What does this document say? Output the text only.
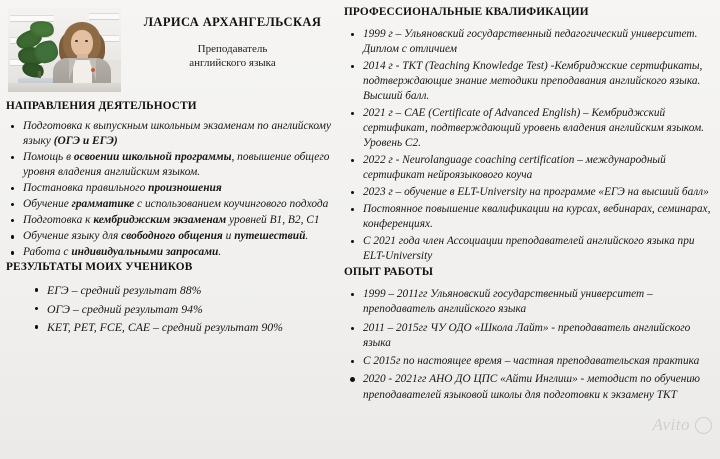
ЛАРИСА АРХАНГЕЛЬСКАЯ
Преподаватель
английского языка
НАПРАВЛЕНИЯ ДЕЯТЕЛЬНОСТИ
Подготовка к выпускным школьным экзаменам по английскому языку (ОГЭ и ЕГЭ)
Помощь в освоении школьной программы, повышение общего уровня владения английским языком.
Постановка правильного произношения
Обучение грамматике с использованием коучингового подхода
Подготовка к кембриджским экзаменам уровней B1, B2, C1
Обучение языку для свободного общения и путешествий.
Работа с индивидуальными запросами.
РЕЗУЛЬТАТЫ МОИХ УЧЕНИКОВ
ЕГЭ – средний результат 88%
ОГЭ – средний результат 94%
KET, PET, FCE, CAE – средний результат 90%
ПРОФЕССИОНАЛЬНЫЕ КВАЛИФИКАЦИИ
1999 г – Ульяновский государственный педагогический университет. Диплом с отличием
2014 г - TKT (Teaching Knowledge Test) -Кембриджские сертификаты, подтверждающие знание методики преподавания английского языка. Высший балл.
2021 г – CAE (Certificate of Advanced English) – Кембриджский сертификат, подтверждающий уровень владения английским языком. Уровень C2.
2022 г - Neurolanguage coaching certification – международный сертификат нейроязыкового коуча
2023 г – обучение в ELT-University на программе «ЕГЭ на высший балл»
Постоянное повышение квалификации на курсах, вебинарах, семинарах, конференциях.
С 2021 года член Ассоциации преподавателей английского языка при ELT-University
ОПЫТ РАБОТЫ
1999 – 2011гг Ульяновский государственный университет – преподаватель английского языка
2011 – 2015гг ЧУ ОДО «Школа Лайт» - преподаватель английского языка
С 2015г по настоящее время – частная преподавательская практика
2020 - 2021гг АНО ДО ЦПС «Айти Инглиш» - методист по обучению преподавателей языковой школы для подготовки к экзамену TKT
Avito
